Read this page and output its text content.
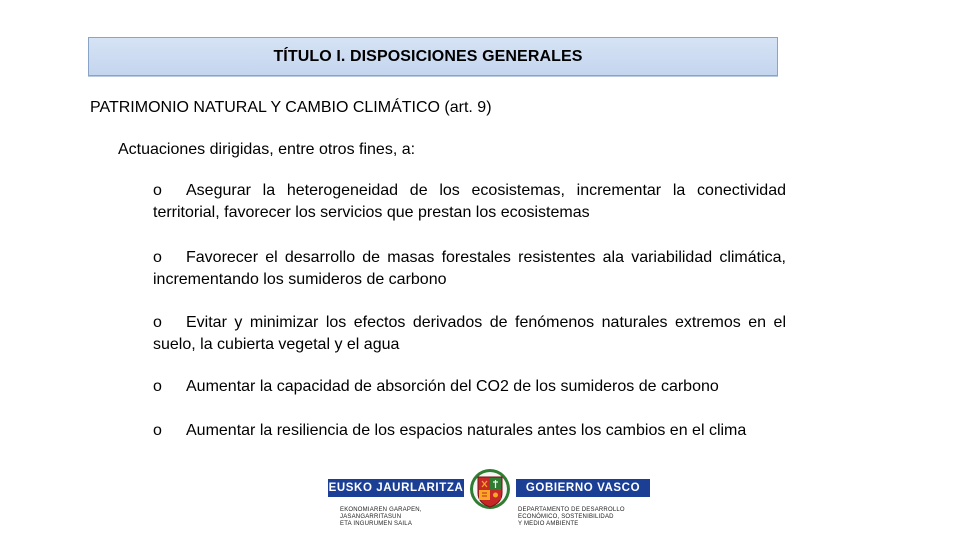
TÍTULO I. DISPOSICIONES GENERALES
PATRIMONIO NATURAL Y CAMBIO CLIMÁTICO (art. 9)
Actuaciones dirigidas, entre otros fines, a:

o Asegurar la heterogeneidad de los ecosistemas, incrementar la conectividad territorial, favorecer los servicios que prestan los ecosistemas

o Favorecer el desarrollo de masas forestales resistentes ala variabilidad climática, incrementando los sumideros de carbono

o Evitar y minimizar los efectos derivados de fenómenos naturales extremos en el suelo, la cubierta vegetal y el agua

o Aumentar la capacidad de absorción del CO2 de los sumideros de carbono

o Aumentar la resiliencia de los espacios naturales antes los cambios en el clima

EUSKO JAURLARITZA	GOBIERNO VASCO
EKONOMIAREN GARAPEN,
JASANGARRITASUN
ETA INGURUMEN SAILA
DEPARTAMENTO DE DESARROLLO
ECONÓMICO, SOSTENIBILIDAD
Y MEDIO AMBIENTE
